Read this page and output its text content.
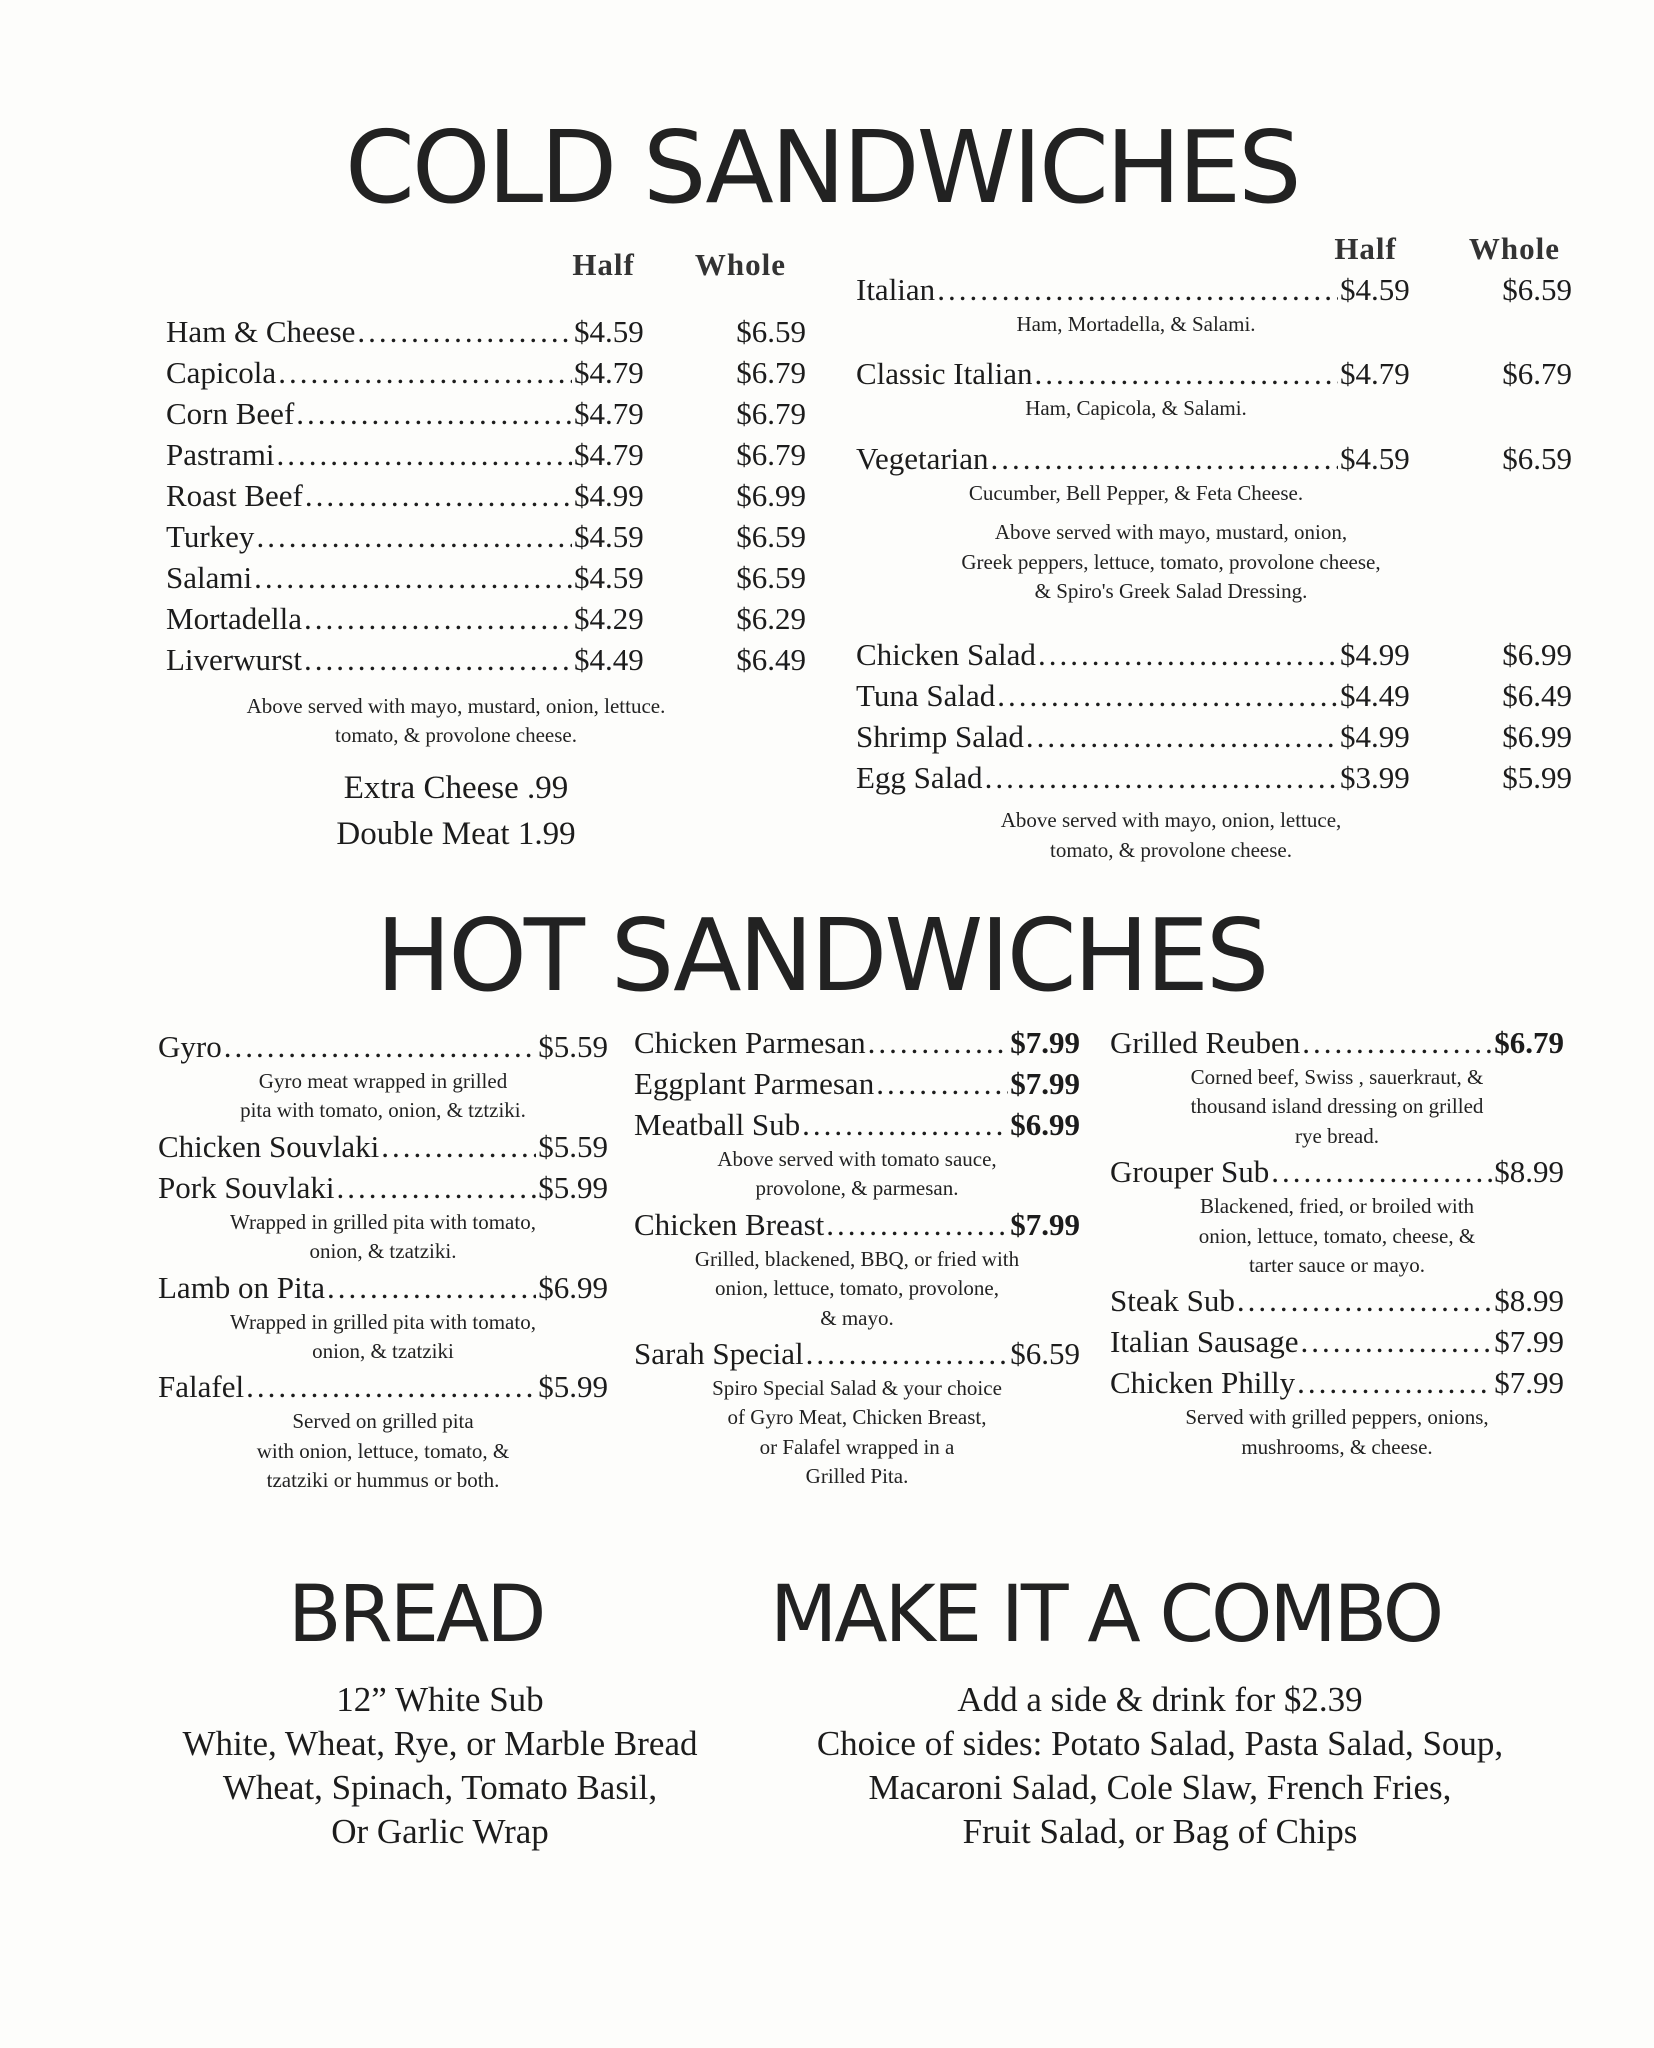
COLD SANDWICHES
Half Whole
Ham & Cheese .....	$4.59	$6.59
Capicola .....	$4.79	$6.79
Corn Beef .....	$4.79	$6.79
Pastrami .....	$4.79	$6.79
Roast Beef .....	$4.99	$6.99
Turkey .....	$4.59	$6.59
Salami .....	$4.59	$6.59
Mortadella .....	$4.29	$6.29
Liverwurst .....	$4.49	$6.49
Above served with mayo, mustard, onion, lettuce.
tomato, & provolone cheese.
Extra Cheese .99
Double Meat 1.99
Half Whole
Italian .....	$4.59	$6.59
Ham, Mortadella, & Salami.
Classic Italian .....	$4.79	$6.79
Ham, Capicola, & Salami.
Vegetarian .....	$4.59	$6.59
Cucumber, Bell Pepper, & Feta Cheese.
Above served with mayo, mustard, onion,
Greek peppers, lettuce, tomato, provolone cheese,
& Spiro's Greek Salad Dressing.
Chicken Salad .....	$4.99	$6.99
Tuna Salad .....	$4.49	$6.49
Shrimp Salad .....	$4.99	$6.99
Egg Salad .....	$3.99	$5.99
Above served with mayo, onion, lettuce,
tomato, & provolone cheese.
HOT SANDWICHES
Gyro .....	$5.59
Gyro meat wrapped in grilled
pita with tomato, onion, & tztziki.
Chicken Souvlaki .....	$5.59
Pork Souvlaki .....	$5.99
Wrapped in grilled pita with tomato,
onion, & tzatziki.
Lamb on Pita .....	$6.99
Wrapped in grilled pita with tomato,
onion, & tzatziki
Falafel .....	$5.99
Served on grilled pita
with onion, lettuce, tomato, &
tzatziki or hummus or both.
Chicken Parmesan .....	$7.99
Eggplant Parmesan .....	$7.99
Meatball Sub .....	$6.99
Above served with tomato sauce,
provolone, & parmesan.
Chicken Breast .....	$7.99
Grilled, blackened, BBQ, or fried with
onion, lettuce, tomato, provolone,
& mayo.
Sarah Special .....	$6.59
Spiro Special Salad & your choice
of Gyro Meat, Chicken Breast,
or Falafel wrapped in a
Grilled Pita.
Grilled Reuben .....	$6.79
Corned beef, Swiss , sauerkraut, &
thousand island dressing on grilled
rye bread.
Grouper Sub .....	$8.99
Blackened, fried, or broiled with
onion, lettuce, tomato, cheese, &
tarter sauce or mayo.
Steak Sub .....	$8.99
Italian Sausage .....	$7.99
Chicken Philly .....	$7.99
Served with grilled peppers, onions,
mushrooms, & cheese.
BREAD
12” White Sub
White, Wheat, Rye, or Marble Bread
Wheat, Spinach, Tomato Basil,
Or Garlic Wrap
MAKE IT A COMBO
Add a side & drink for $2.39
Choice of sides: Potato Salad, Pasta Salad, Soup,
Macaroni Salad, Cole Slaw, French Fries,
Fruit Salad, or Bag of Chips
